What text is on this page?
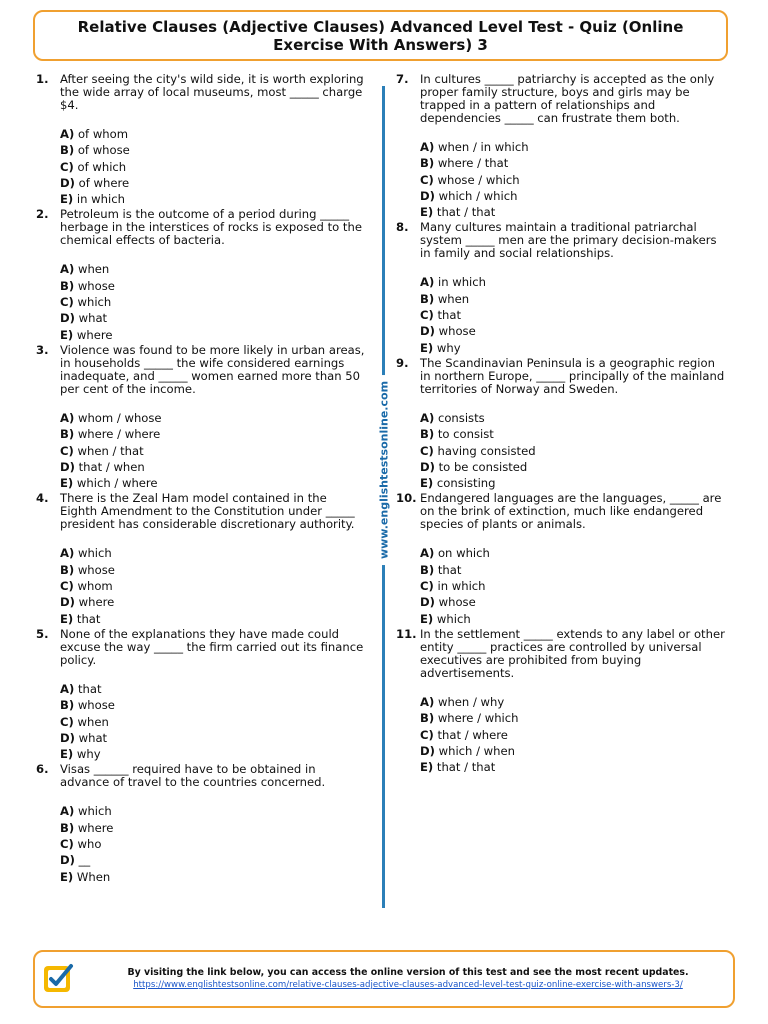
Relative Clauses (Adjective Clauses) Advanced Level Test - Quiz (Online Exercise With Answers) 3
1. After seeing the city's wild side, it is worth exploring the wide array of local museums, most _____ charge $4.
A) of whom
B) of whose
C) of which
D) of where
E) in which
2. Petroleum is the outcome of a period during _____ herbage in the interstices of rocks is exposed to the chemical effects of bacteria.
A) when
B) whose
C) which
D) what
E) where
3. Violence was found to be more likely in urban areas, in households _____ the wife considered earnings inadequate, and _____ women earned more than 50 per cent of the income.
A) whom / whose
B) where / where
C) when / that
D) that / when
E) which / where
4. There is the Zeal Ham model contained in the Eighth Amendment to the Constitution under _____ president has considerable discretionary authority.
A) which
B) whose
C) whom
D) where
E) that
5. None of the explanations they have made could excuse the way _____ the firm carried out its finance policy.
A) that
B) whose
C) when
D) what
E) why
6. Visas ______ required have to be obtained in advance of travel to the countries concerned.
A) which
B) where
C) who
D) __
E) When
www.englishtestsonline.com
7. In cultures _____ patriarchy is accepted as the only proper family structure, boys and girls may be trapped in a pattern of relationships and dependencies _____ can frustrate them both.
A) when / in which
B) where / that
C) whose / which
D) which / which
E) that / that
8. Many cultures maintain a traditional patriarchal system _____ men are the primary decision-makers in family and social relationships.
A) in which
B) when
C) that
D) whose
E) why
9. The Scandinavian Peninsula is a geographic region in northern Europe, _____ principally of the mainland territories of Norway and Sweden.
A) consists
B) to consist
C) having consisted
D) to be consisted
E) consisting
10. Endangered languages are the languages, _____ are on the brink of extinction, much like endangered species of plants or animals.
A) on which
B) that
C) in which
D) whose
E) which
11. In the settlement _____ extends to any label or other entity _____ practices are controlled by universal executives are prohibited from buying advertisements.
A) when / why
B) where / which
C) that / where
D) which / when
E) that / that
By visiting the link below, you can access the online version of this test and see the most recent updates.
https://www.englishtestsonline.com/relative-clauses-adjective-clauses-advanced-level-test-quiz-online-exercise-with-answers-3/
